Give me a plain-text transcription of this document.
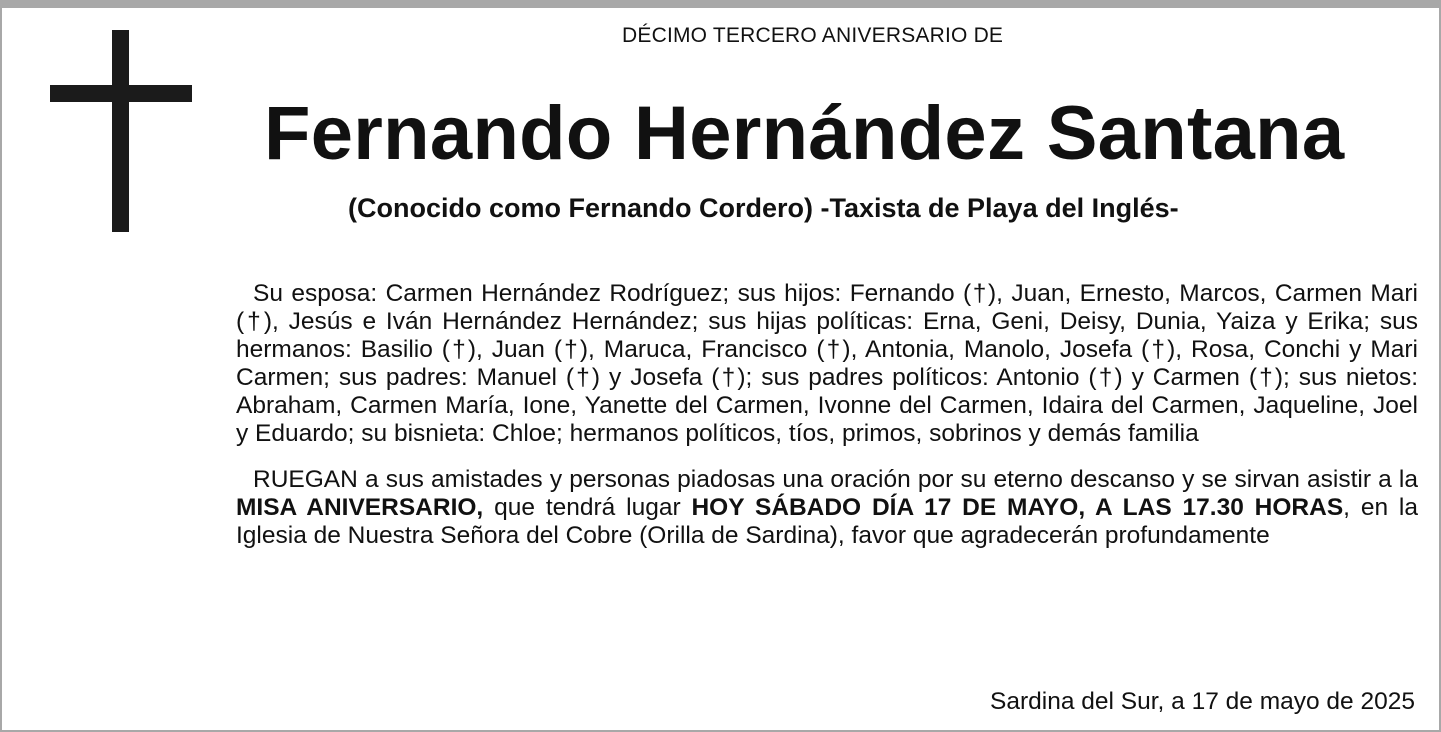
DÉCIMO TERCERO ANIVERSARIO DE
Fernando Hernández Santana
(Conocido como Fernando Cordero) -Taxista de Playa del Inglés-

Su esposa: Carmen Hernández Rodríguez; sus hijos: Fernando (†), Juan, Ernesto, Marcos, Carmen Mari (†), Jesús e Iván Hernández Hernández; sus hijas políticas: Erna, Geni, Deisy, Dunia, Yaiza y Erika; sus hermanos: Basilio (†), Juan (†), Maruca, Francisco (†), Antonia, Manolo, Josefa (†), Rosa, Conchi y Mari Carmen; sus padres: Manuel (†) y Josefa (†); sus padres políticos: Antonio (†) y Carmen (†); sus nietos: Abraham, Carmen María, Ione, Yanette del Carmen, Ivonne del Carmen, Idaira del Carmen, Jaqueline, Joel y Eduardo; su bisnieta: Chloe; hermanos políticos, tíos, primos, sobrinos y demás familia

RUEGAN a sus amistades y personas piadosas una oración por su eterno descanso y se sirvan asistir a la MISA ANIVERSARIO, que tendrá lugar HOY SÁBADO DÍA 17 DE MAYO, A LAS 17.30 HORAS, en la Iglesia de Nuestra Señora del Cobre (Orilla de Sardina), favor que agradecerán profundamente

Sardina del Sur, a 17 de mayo de 2025
